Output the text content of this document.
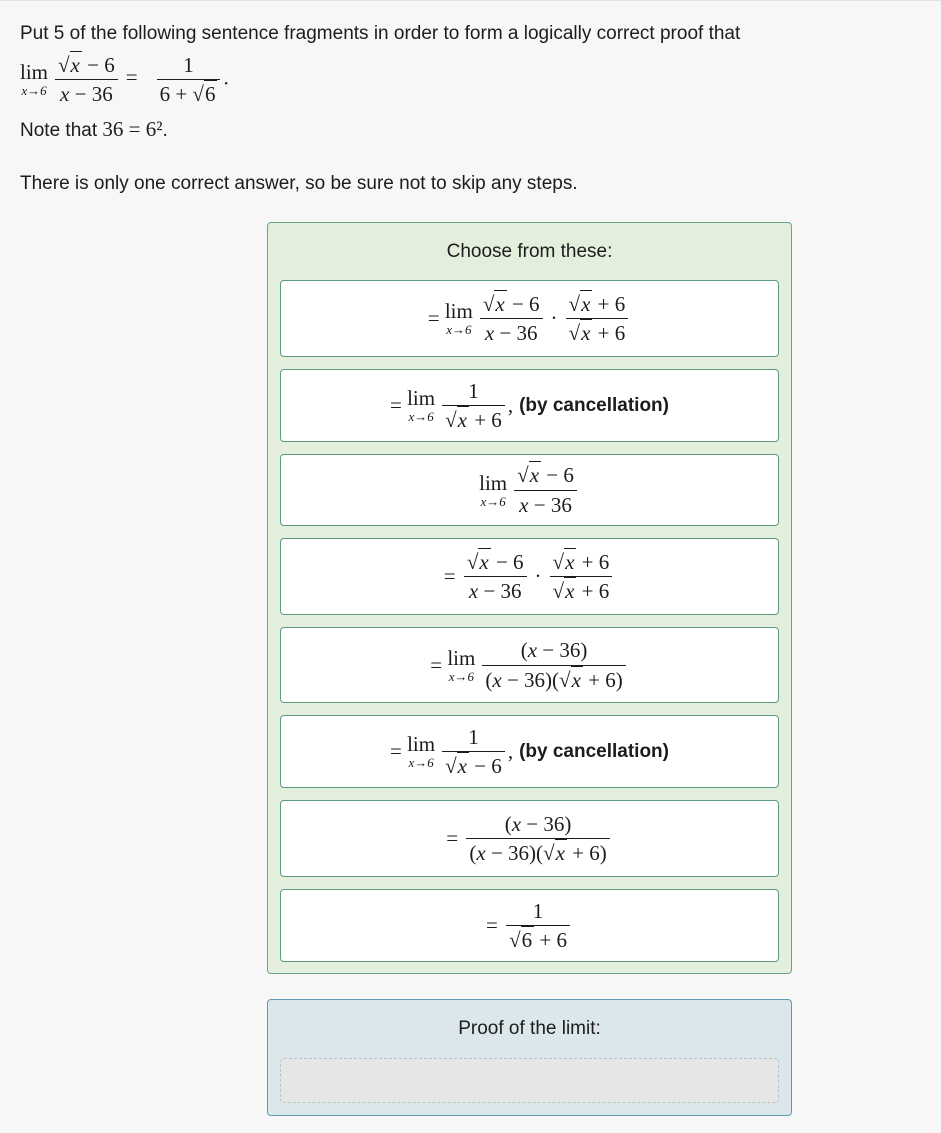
Put 5 of the following sentence fragments in order to form a logically correct proof that
lim
$x\to 6 \frac{√x - 6}{x - 36} = \frac{1}{6 + √6}$ .
Note that 36 = 6².
There is only one correct answer, so be sure not to skip any steps.
Choose from these:
= lim
$x\to 6 \frac{√x - 6}{x - 36} \cdot \frac{√x + 6}{√x + 6}$
= lim
$x\to 6 \frac{1}{√x + 6}$ , (by cancellation)
lim
$x\to 6 \frac{√x - 6}{x - 36}$
= $\frac{√x - 6}{x - 36} \cdot \frac{√x + 6}{√x + 6}$
= lim
$x\to 6 \frac{(x - 36)}{(x - 36)(√x + 6)}$
= lim
$x\to 6 \frac{1}{√x - 6}$ , (by cancellation)
= $\frac{(x - 36)}{(x - 36)(√x + 6)}$
= $\frac{1}{√6 + 6}$
Proof of the limit:
